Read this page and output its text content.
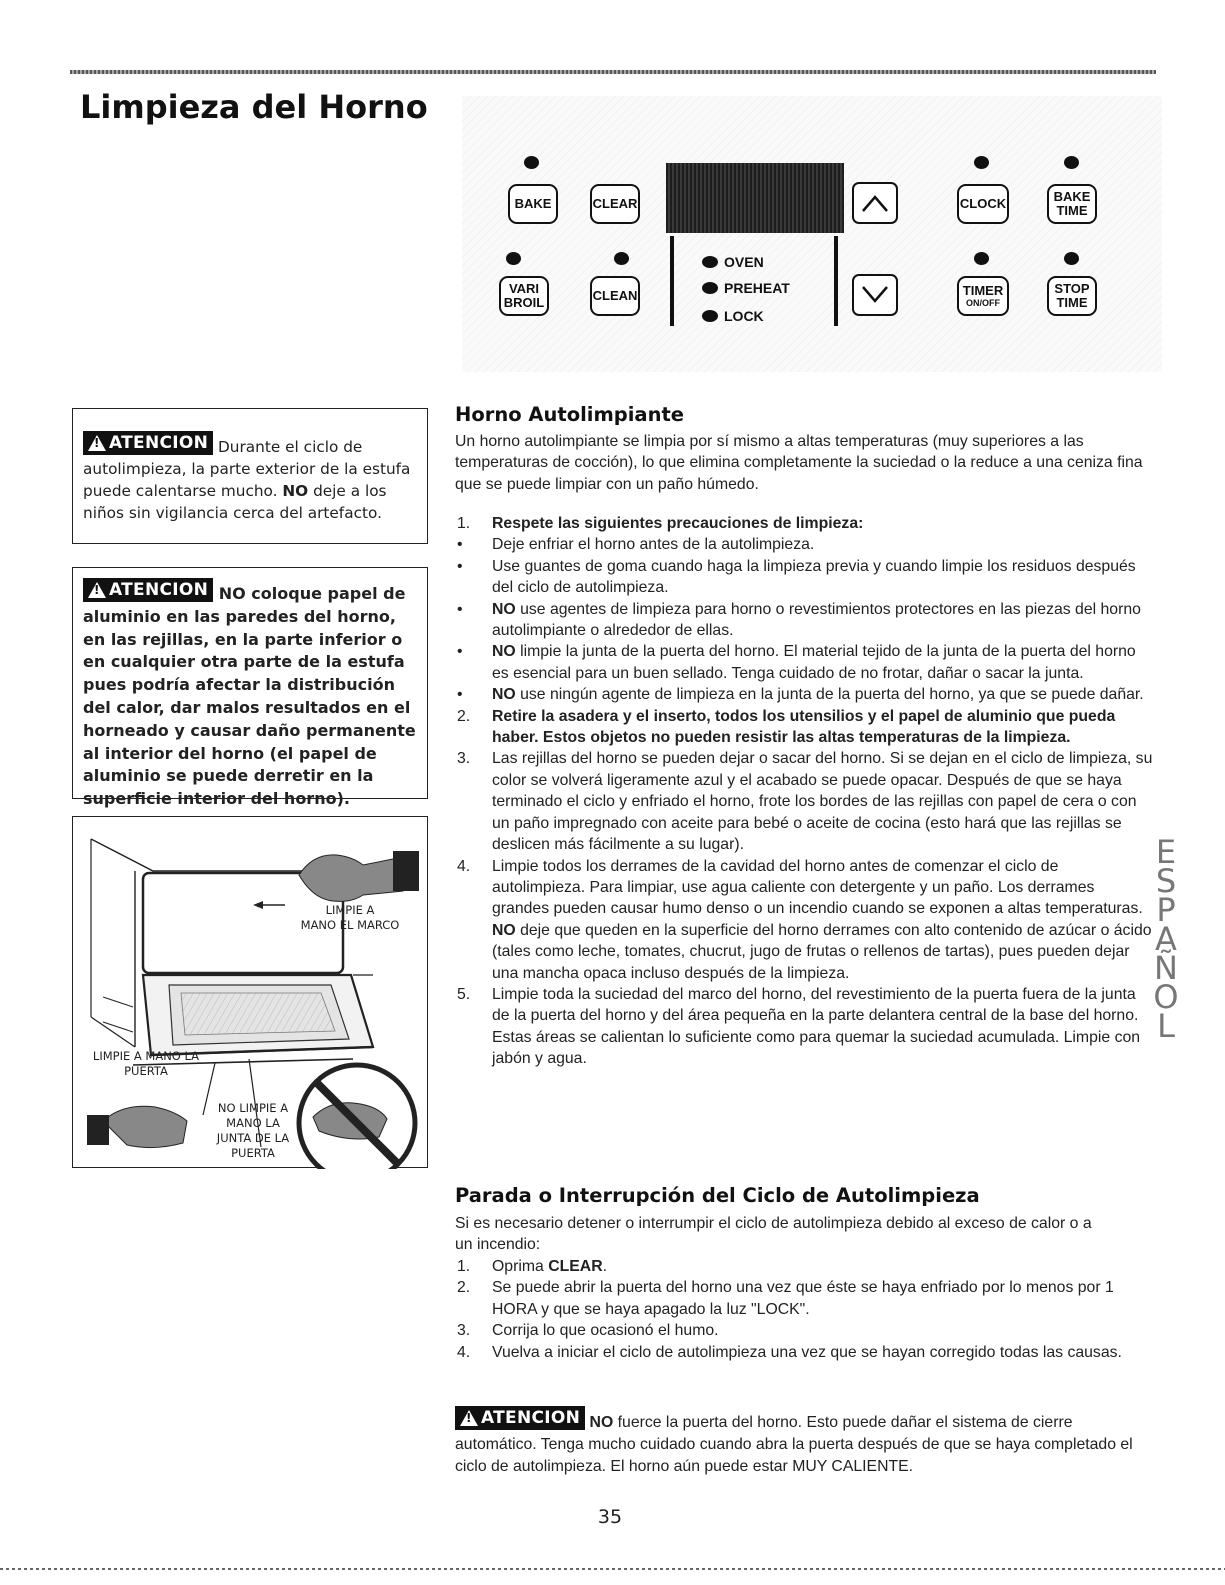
Limpieza del Horno
BAKE	CLEAR	CLOCK	BAKE
TIME
VARI
BROIL	CLEAN
OVEN
PREHEAT
LOCK
TIMER
ON/OFF
STOP
TIME

!
ATENCION Durante el ciclo de autolimpieza, la parte exterior de la estufa puede calentarse mucho. NO deje a los niños sin vigilancia cerca del artefacto.

!
ATENCION NO coloque papel de aluminio en las paredes del horno, en las rejillas, en la parte inferior o en cualquier otra parte de la estufa pues podría afectar la distribución del calor, dar malos resultados en el horneado y causar daño permanente al interior del horno (el papel de aluminio se puede derretir en la superficie interior del horno).

LIMPIE A
MANO EL MARCO
LIMPIE A MANO LA
PUERTA
NO LIMPIE A
MANO LA
JUNTA DE LA
PUERTA
Horno Autolimpiante

Un horno autolimpiante se limpia por sí mismo a altas temperaturas (muy superiores a las temperaturas de cocción), lo que elimina completamente la suciedad o la reduce a una ceniza fina que se puede limpiar con un paño húmedo.

1. Respete las siguientes precauciones de limpieza:
• Deje enfriar el horno antes de la autolimpieza.
• Use guantes de goma cuando haga la limpieza previa y cuando limpie los residuos después del ciclo de autolimpieza.
• NO use agentes de limpieza para horno o revestimientos protectores en las piezas del horno autolimpiante o alrededor de ellas.
• NO limpie la junta de la puerta del horno. El material tejido de la junta de la puerta del horno es esencial para un buen sellado. Tenga cuidado de no frotar, dañar o sacar la junta.
• NO use ningún agente de limpieza en la junta de la puerta del horno, ya que se puede dañar.
2. Retire la asadera y el inserto, todos los utensilios y el papel de aluminio que pueda haber. Estos objetos no pueden resistir las altas temperaturas de la limpieza.
3. Las rejillas del horno se pueden dejar o sacar del horno. Si se dejan en el ciclo de limpieza, su color se volverá ligeramente azul y el acabado se puede opacar. Después de que se haya terminado el ciclo y enfriado el horno, frote los bordes de las rejillas con papel de cera o con un paño impregnado con aceite para bebé o aceite de cocina (esto hará que las rejillas se deslicen más fácilmente a su lugar).
4. Limpie todos los derrames de la cavidad del horno antes de comenzar el ciclo de autolimpieza. Para limpiar, use agua caliente con detergente y un paño. Los derrames grandes pueden causar humo denso o un incendio cuando se exponen a altas temperaturas. NO deje que queden en la superficie del horno derrames con alto contenido de azúcar o ácido (tales como leche, tomates, chucrut, jugo de frutas o rellenos de tartas), pues pueden dejar una mancha opaca incluso después de la limpieza.
5. Limpie toda la suciedad del marco del horno, del revestimiento de la puerta fuera de la junta de la puerta del horno y del área pequeña en la parte delantera central de la base del horno. Estas áreas se calientan lo suficiente como para quemar la suciedad acumulada. Limpie con jabón y agua.
Parada o Interrupción del Ciclo de Autolimpieza

Si es necesario detener o interrumpir el ciclo de autolimpieza debido al exceso de calor o a un incendio:

1. Oprima CLEAR.
2. Se puede abrir la puerta del horno una vez que éste se haya enfriado por lo menos por 1 HORA y que se haya apagado la luz "LOCK".
3. Corrija lo que ocasionó el humo.
4. Vuelva a iniciar el ciclo de autolimpieza una vez que se hayan corregido todas las causas.

!
ATENCION NO fuerce la puerta del horno. Esto puede dañar el sistema de cierre automático. Tenga mucho cuidado cuando abra la puerta después de que se haya completado el ciclo de autolimpieza. El horno aún puede estar MUY CALIENTE.

E
S
P
A
Ñ
O
L
35
